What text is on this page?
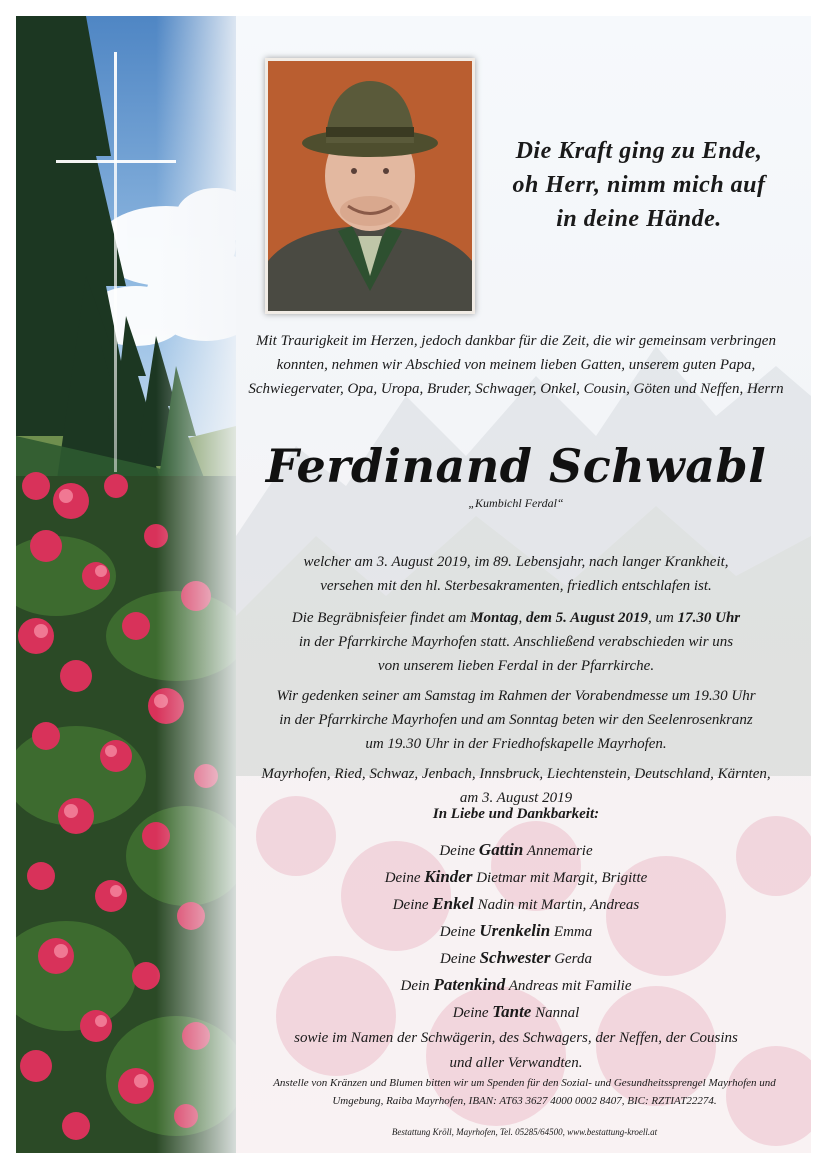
Die Kraft ging zu Ende,
oh Herr, nimm mich auf
in deine Hände.
Mit Traurigkeit im Herzen, jedoch dankbar für die Zeit, die wir gemeinsam verbringen
konnten, nehmen wir Abschied von meinem lieben Gatten, unserem guten Papa,
Schwiegervater, Opa, Uropa, Bruder, Schwager, Onkel, Cousin, Göten und Neffen, Herrn
Ferdinand Schwabl
„Kumbichl Ferdal“
welcher am 3. August 2019, im 89. Lebensjahr, nach langer Krankheit,
versehen mit den hl. Sterbesakramenten, friedlich entschlafen ist.
Die Begräbnisfeier findet am Montag, dem 5. August 2019, um 17.30 Uhr
in der Pfarrkirche Mayrhofen statt. Anschließend verabschieden wir uns
von unserem lieben Ferdal in der Pfarrkirche.
Wir gedenken seiner am Samstag im Rahmen der Vorabendmesse um 19.30 Uhr
in der Pfarrkirche Mayrhofen und am Sonntag beten wir den Seelenrosenkranz
um 19.30 Uhr in der Friedhofskapelle Mayrhofen.
Mayrhofen, Ried, Schwaz, Jenbach, Innsbruck, Liechtenstein, Deutschland, Kärnten,
am 3. August 2019
In Liebe und Dankbarkeit:
Deine Gattin Annemarie
Deine Kinder Dietmar mit Margit, Brigitte
Deine Enkel Nadin mit Martin, Andreas
Deine Urenkelin Emma
Deine Schwester Gerda
Dein Patenkind Andreas mit Familie
Deine Tante Nannal
sowie im Namen der Schwägerin, des Schwagers, der Neffen, der Cousins
und aller Verwandten.
Anstelle von Kränzen und Blumen bitten wir um Spenden für den Sozial- und Gesundheitssprengel Mayrhofen und
Umgebung, Raiba Mayrhofen, IBAN: AT63 3627 4000 0002 8407, BIC: RZTIAT22274.
Bestattung Kröll, Mayrhofen, Tel. 05285/64500, www.bestattung-kroell.at
